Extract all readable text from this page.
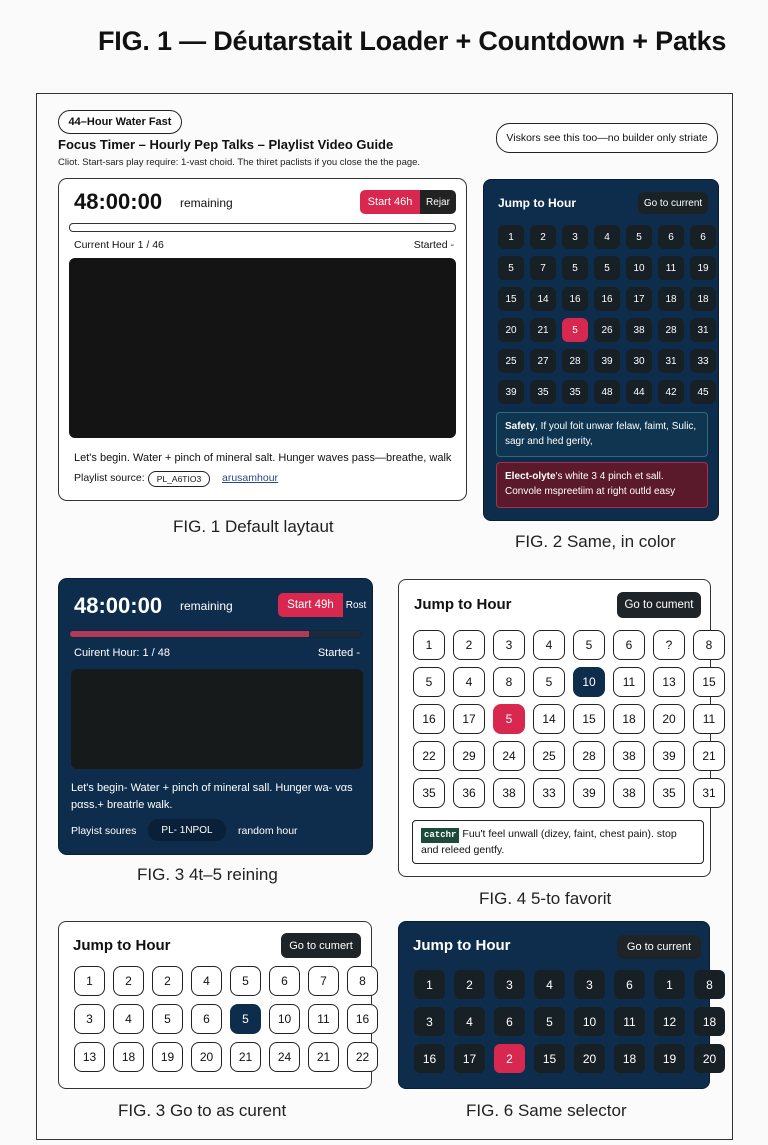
FIG. 1 — Déutarstait Loader + Countdown + Patks
44–Hour Water Fast
Focus Timer – Hourly Pep Talks – Playlist Video Guide
Cliot. Start-sars play require: 1-vast choid. The thiret paclists if you close the the page.
Viskors see this too—no builder only striate
48:00:00 remaining	Start 46h	Rejar
Current Hour 1 / 46	Started -
Let's begin. Water + pinch of mineral salt. Hunger waves pass—breathe, walk
Playlist source:	PL_A6TIO3	arusamhour
FIG. 1 Default laytaut
Jump to Hour	Go to current
1	2	3	4	5	6	6
5	7	5	5	10	11	19
15	14	16	16	17	18	18
20	21	5	26	38	28	31
25	27	28	39	30	31	33
39	35	35	48	44	42	45
Safety, If youl foit unwar felaw, faimt, Sulic, sagr and hed gerity,
Elect-olyte's white 3 4 pinch et sall. Convole mspreetiim at right outld easy
FIG. 2 Same, in color
48:00:00 remaining	Start 49h	Rost
Cuirent Hour: 1 / 48	Started -
Let's begin- Water + pinch of mineral sall. Hunger wa- vαs pαss.+ breatrle walk.
Playist soures	PL- 1NPOL	random hour
FIG. 3 4t–5 reining
Jump to Hour	Go to cument
1	2	3	4	5	6	?	8
5	4	8	5	10	11	13	15
16	17	5	14	15	18	20	11
22	29	24	25	28	38	39	21
35	36	38	33	39	38	35	31
catchr Fuu't feel unwall (dizey, faint, chest pain). stop and releed gentfy.
FIG. 4 5-to favorit
Jump to Hour	Go to cumert
1	2	2	4	5	6	7	8
3	4	5	6	5	10	11	16
13	18	19	20	21	24	21	22
FIG. 3 Go to as curent
Jump to Hour	Go to current
1	2	3	4	3	6	1	8
3	4	6	5	10	11	12	18
16	17	2	15	20	18	19	20
FIG. 6 Same selector
